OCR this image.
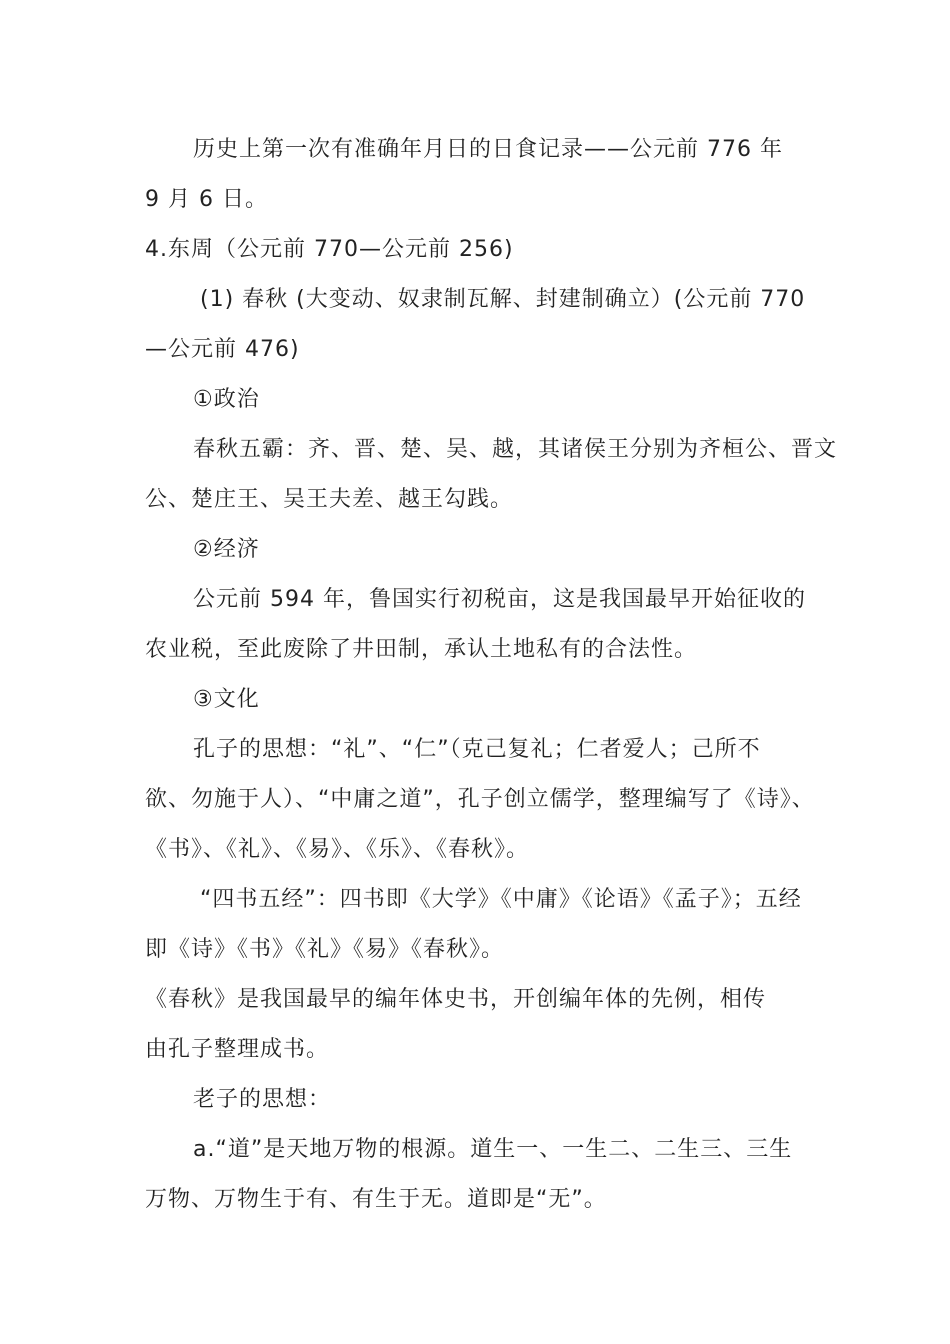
历史上第一次有准确年月日的日食记录——公元前 776 年
9 月 6 日。
4.东周（公元前 770—公元前 256)
(1) 春秋 (大变动、奴隶制瓦解、封建制确立）(公元前 770
—公元前 476)
①政治
春秋五霸：齐、晋、楚、吴、越，其诸侯王分别为齐桓公、晋文
公、楚庄王、吴王夫差、越王勾践。
②经济
公元前 594 年，鲁国实行初税亩，这是我国最早开始征收的
农业税，至此废除了井田制，承认土地私有的合法性。
③文化
孔子的思想：“礼”、“仁”（克己复礼；仁者爱人；己所不
欲、勿施于人）、“中庸之道”，孔子创立儒学，整理编写了《诗》、
《书》、《礼》、《易》、《乐》、《春秋》。
“四书五经”：四书即《大学》《中庸》《论语》《孟子》；五经
即《诗》《书》《礼》《易》《春秋》。
《春秋》是我国最早的编年体史书，开创编年体的先例，相传
由孔子整理成书。
老子的思想：
a.“道”是天地万物的根源。道生一、一生二、二生三、三生
万物、万物生于有、有生于无。道即是“无”。
